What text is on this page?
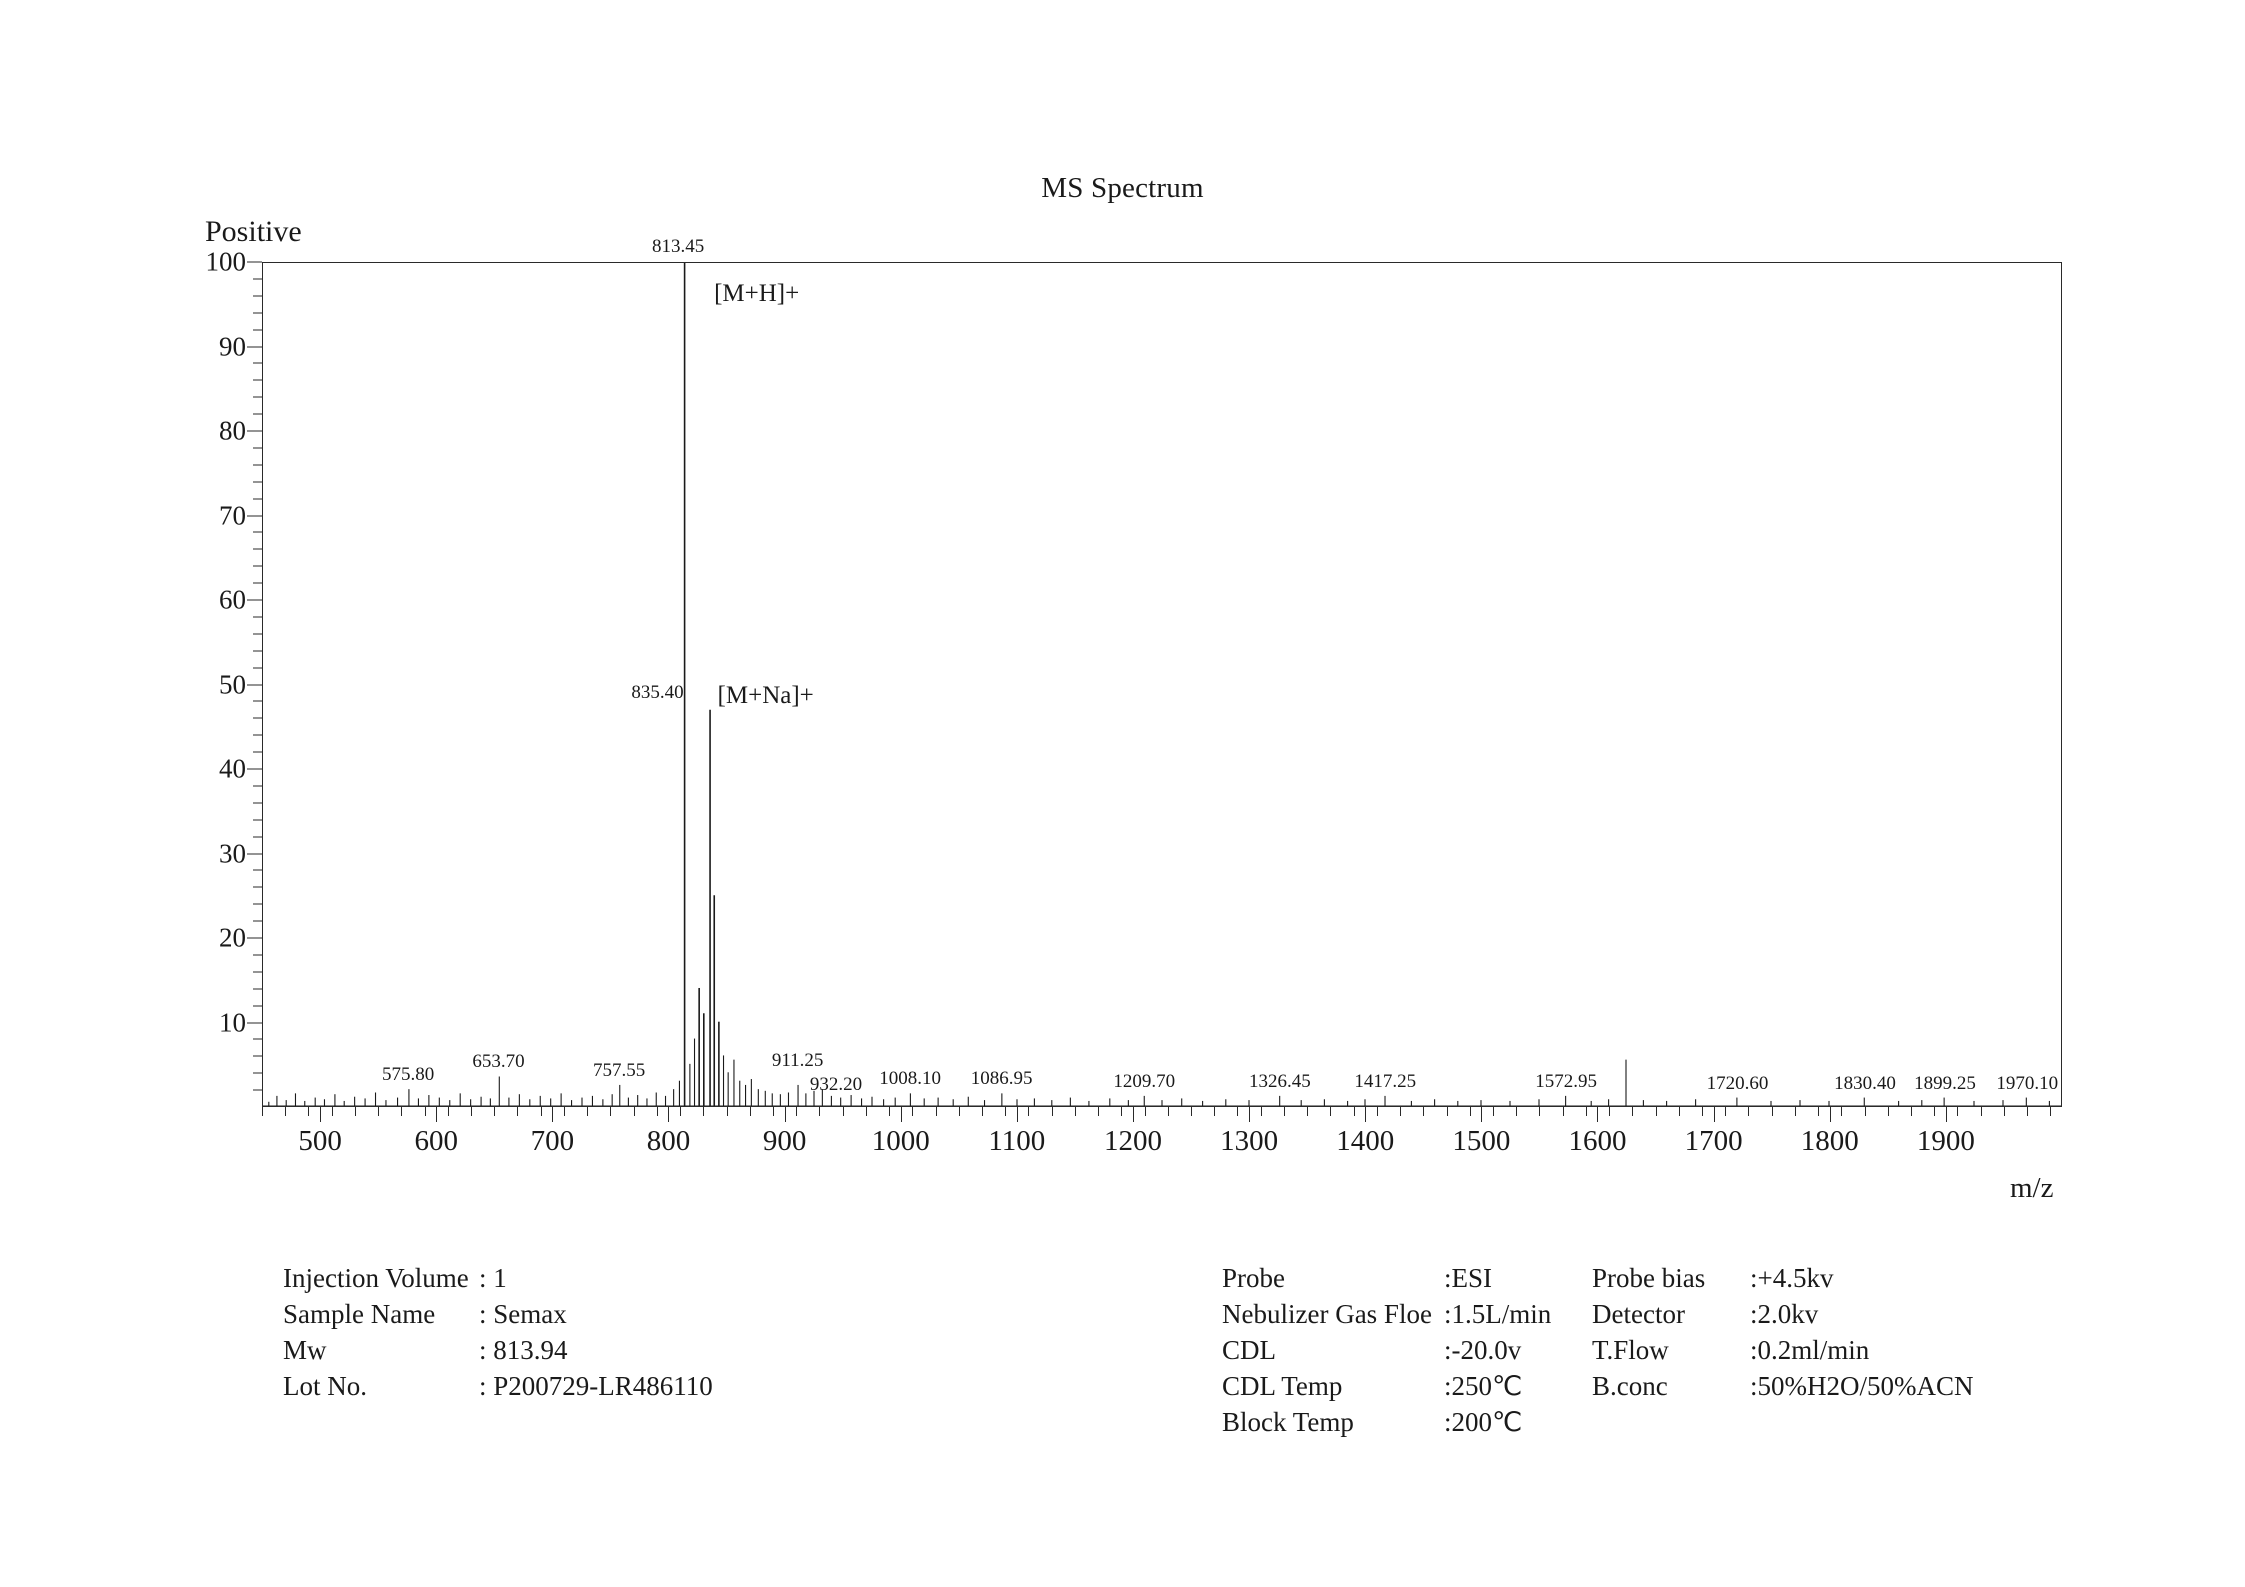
MS Spectrum
Positive
10
20
30
40
50
60
70
80
90
100
500	600	700	800	900 1000 1100 1200 1300 1400 1500 1600 1700 1800 1900
m/z
575.80
653.70	757.55
813.45
835.40
911.25
932.20 1008.10 1086.95	1209.70	1326.45 1417.25	1572.95	1720.60	1830.40 1899.25 1970.10
[M+H]+
[M+Na]+
Injection Volume : 1
Sample Name : Semax
Mw	: 813.94
Lot No.	: P200729-LR486110
Probe	:ESI	Probe bias :+4.5kv
Nebulizer Gas Floe :1.5L/min Detector :2.0kv
CDL	:-20.0v	T.Flow	:0.2ml/min
CDL Temp	:250℃	B.conc	:50%H2O/50%ACN
Block Temp	:200℃
